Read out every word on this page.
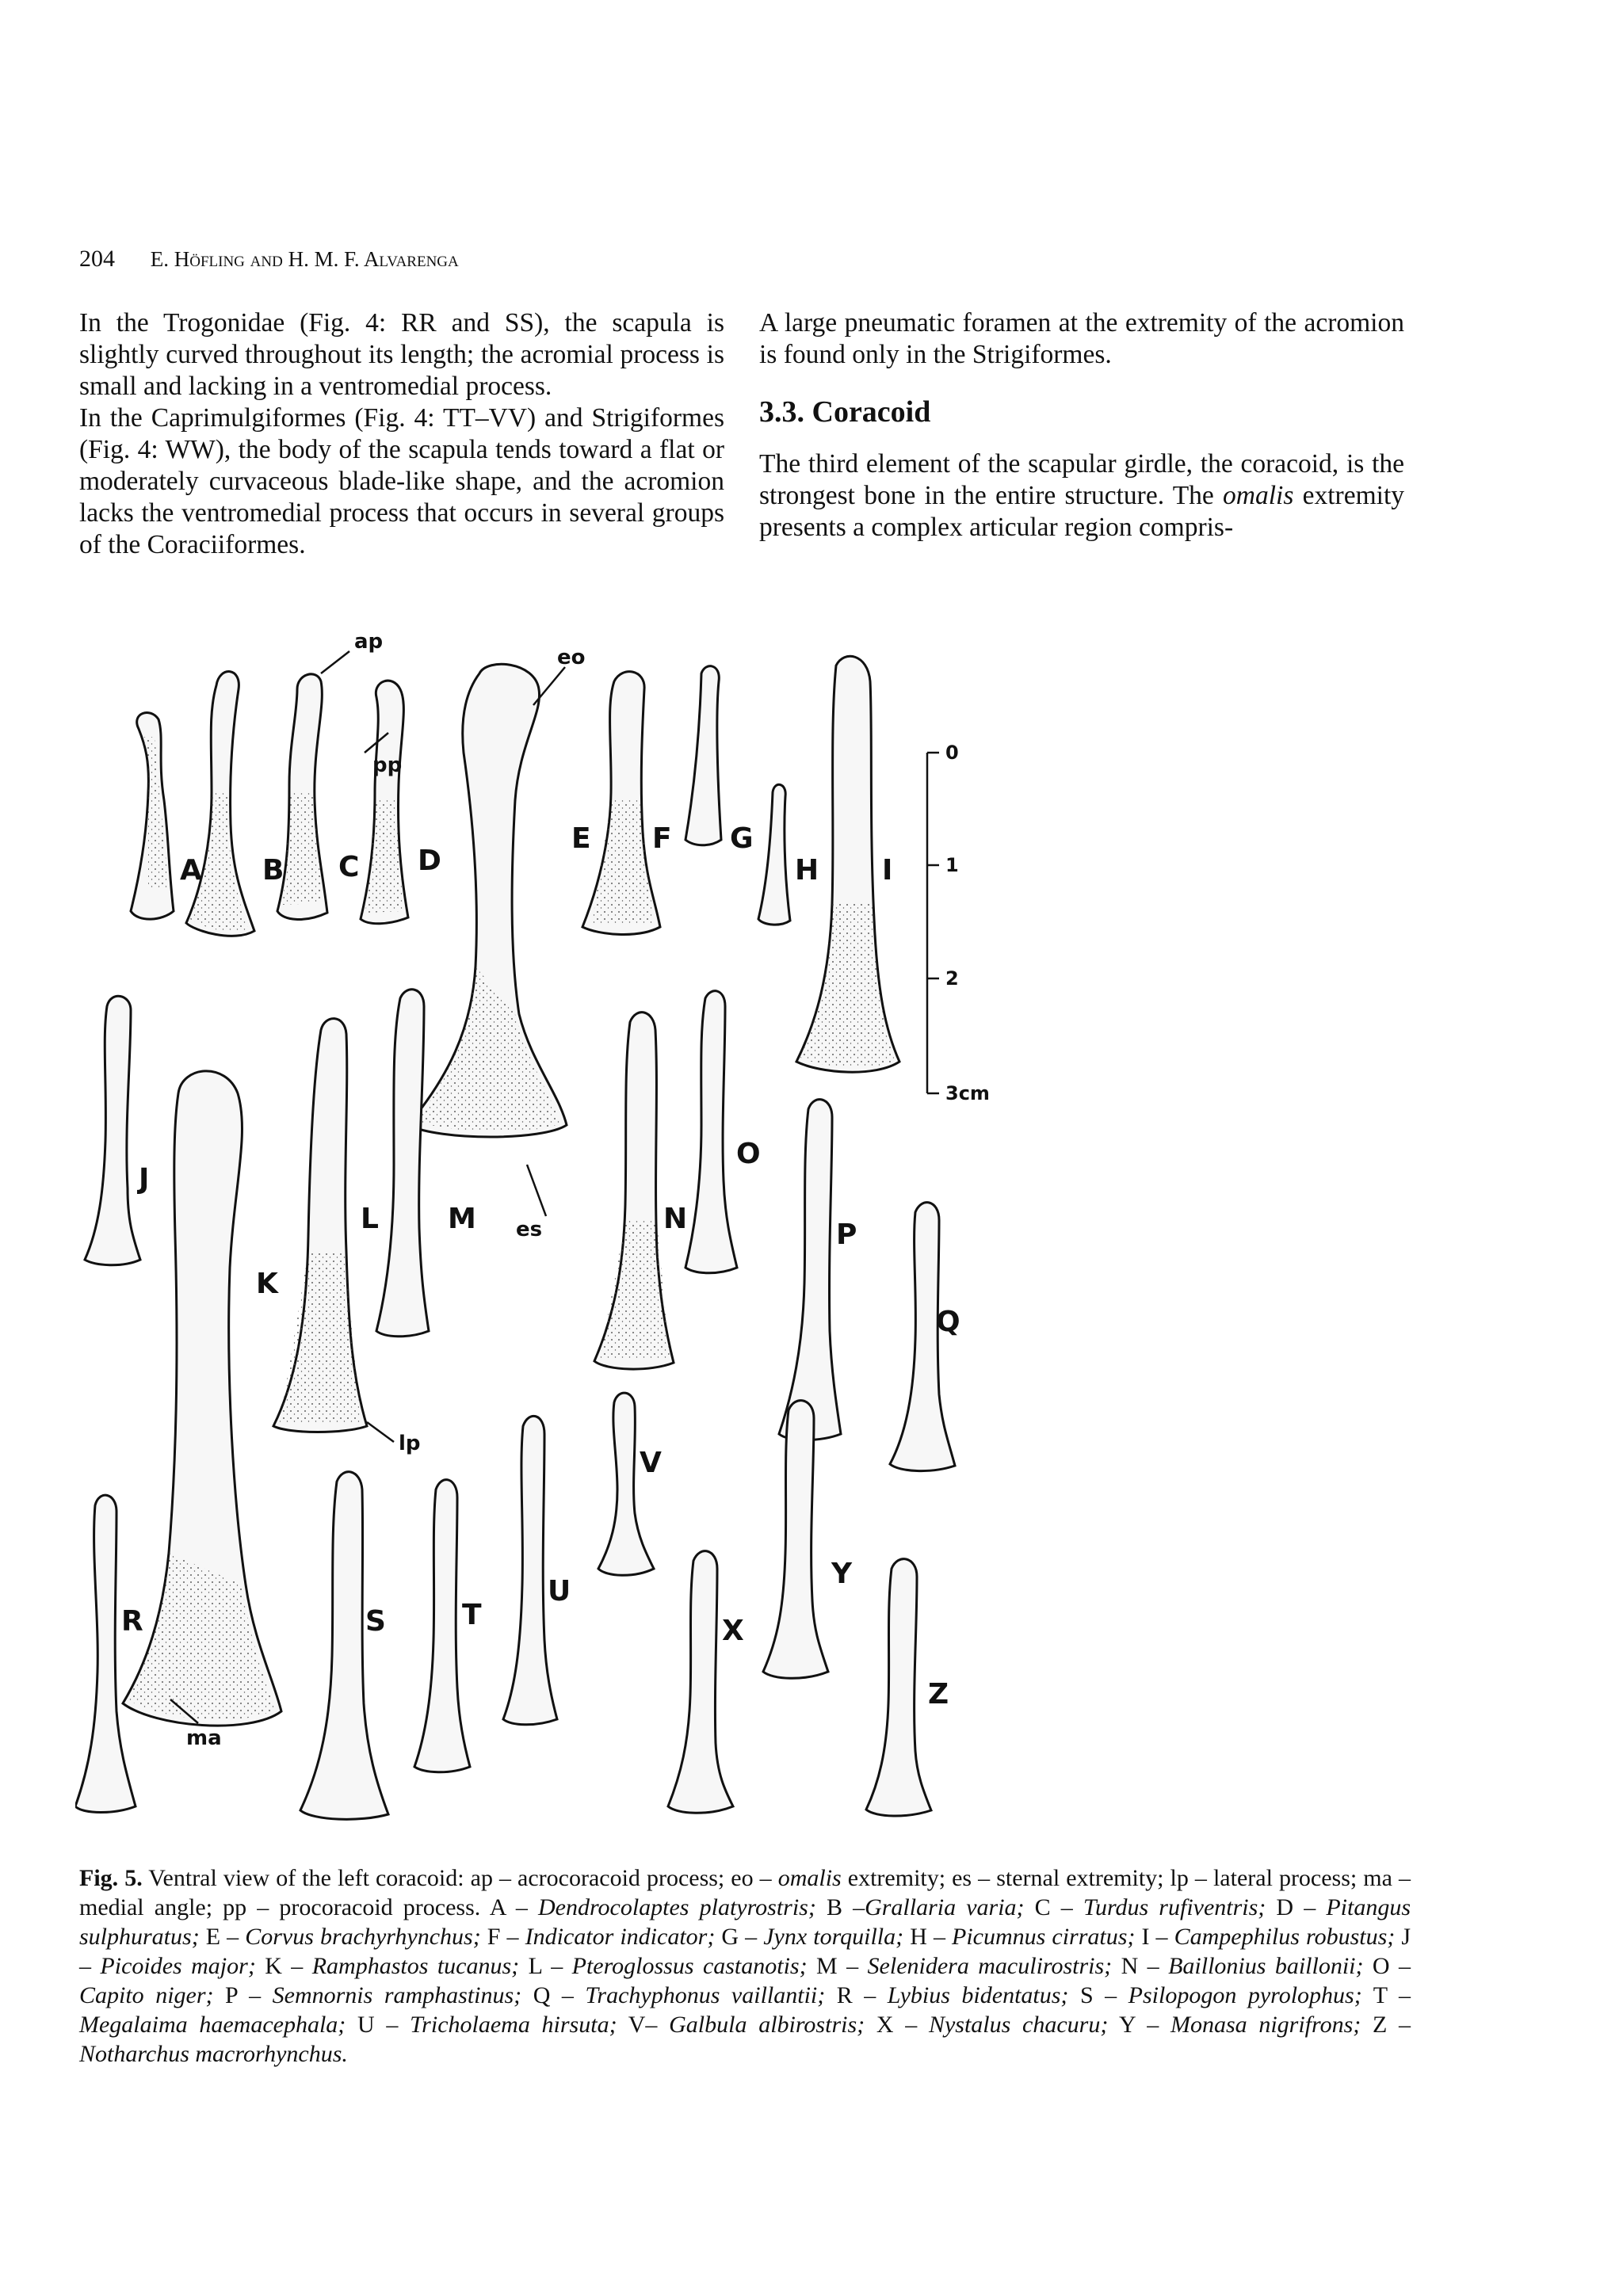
204 E. Höfling and H. M. F. Alvarenga

In the Trogonidae (Fig. 4: RR and SS), the scapula is slightly curved throughout its length; the acromial process is small and lacking in a ventromedial process.

In the Caprimulgiformes (Fig. 4: TT–VV) and Strigiformes (Fig. 4: WW), the body of the scapula tends toward a flat or moderately curvaceous blade-like shape, and the acromion lacks the ventromedial process that occurs in several groups of the Coraciiformes.

A large pneumatic foramen at the extremity of the acromion is found only in the Strigiformes.

3.3. Coracoid

The third element of the scapular girdle, the coracoid, is the strongest bone in the entire structure. The omalis extremity presents a complex articular region compris-

0
1
2
3cm
ap
pp
eo
es
lp
ma
A B C D
E F G
H I
J
K
L M	N
O
P
Q
R	S	T
U
V
X
Y
Z
Fig. 5. Ventral view of the left coracoid: ap – acrocoracoid process; eo – omalis extremity; es – sternal extremity; lp – lateral process; ma – medial angle; pp – procoracoid process. A – Dendrocolaptes platyrostris; B –Grallaria varia; C – Turdus rufiventris; D – Pitangus sulphuratus; E – Corvus brachyrhynchus; F – Indicator indicator; G – Jynx torquilla; H – Picumnus cirratus; I – Campephilus robustus; J – Picoides major; K – Ramphastos tucanus; L – Pteroglossus castanotis; M – Selenidera maculirostris; N – Baillonius baillonii; O – Capito niger; P – Semnornis ramphastinus; Q – Trachyphonus vaillantii; R – Lybius bidentatus; S – Psilopogon pyrolophus; T – Megalaima haemacephala; U – Tricholaema hirsuta; V– Galbula albirostris; X – Nystalus chacuru; Y – Monasa nigrifrons; Z – Notharchus macrorhynchus.
